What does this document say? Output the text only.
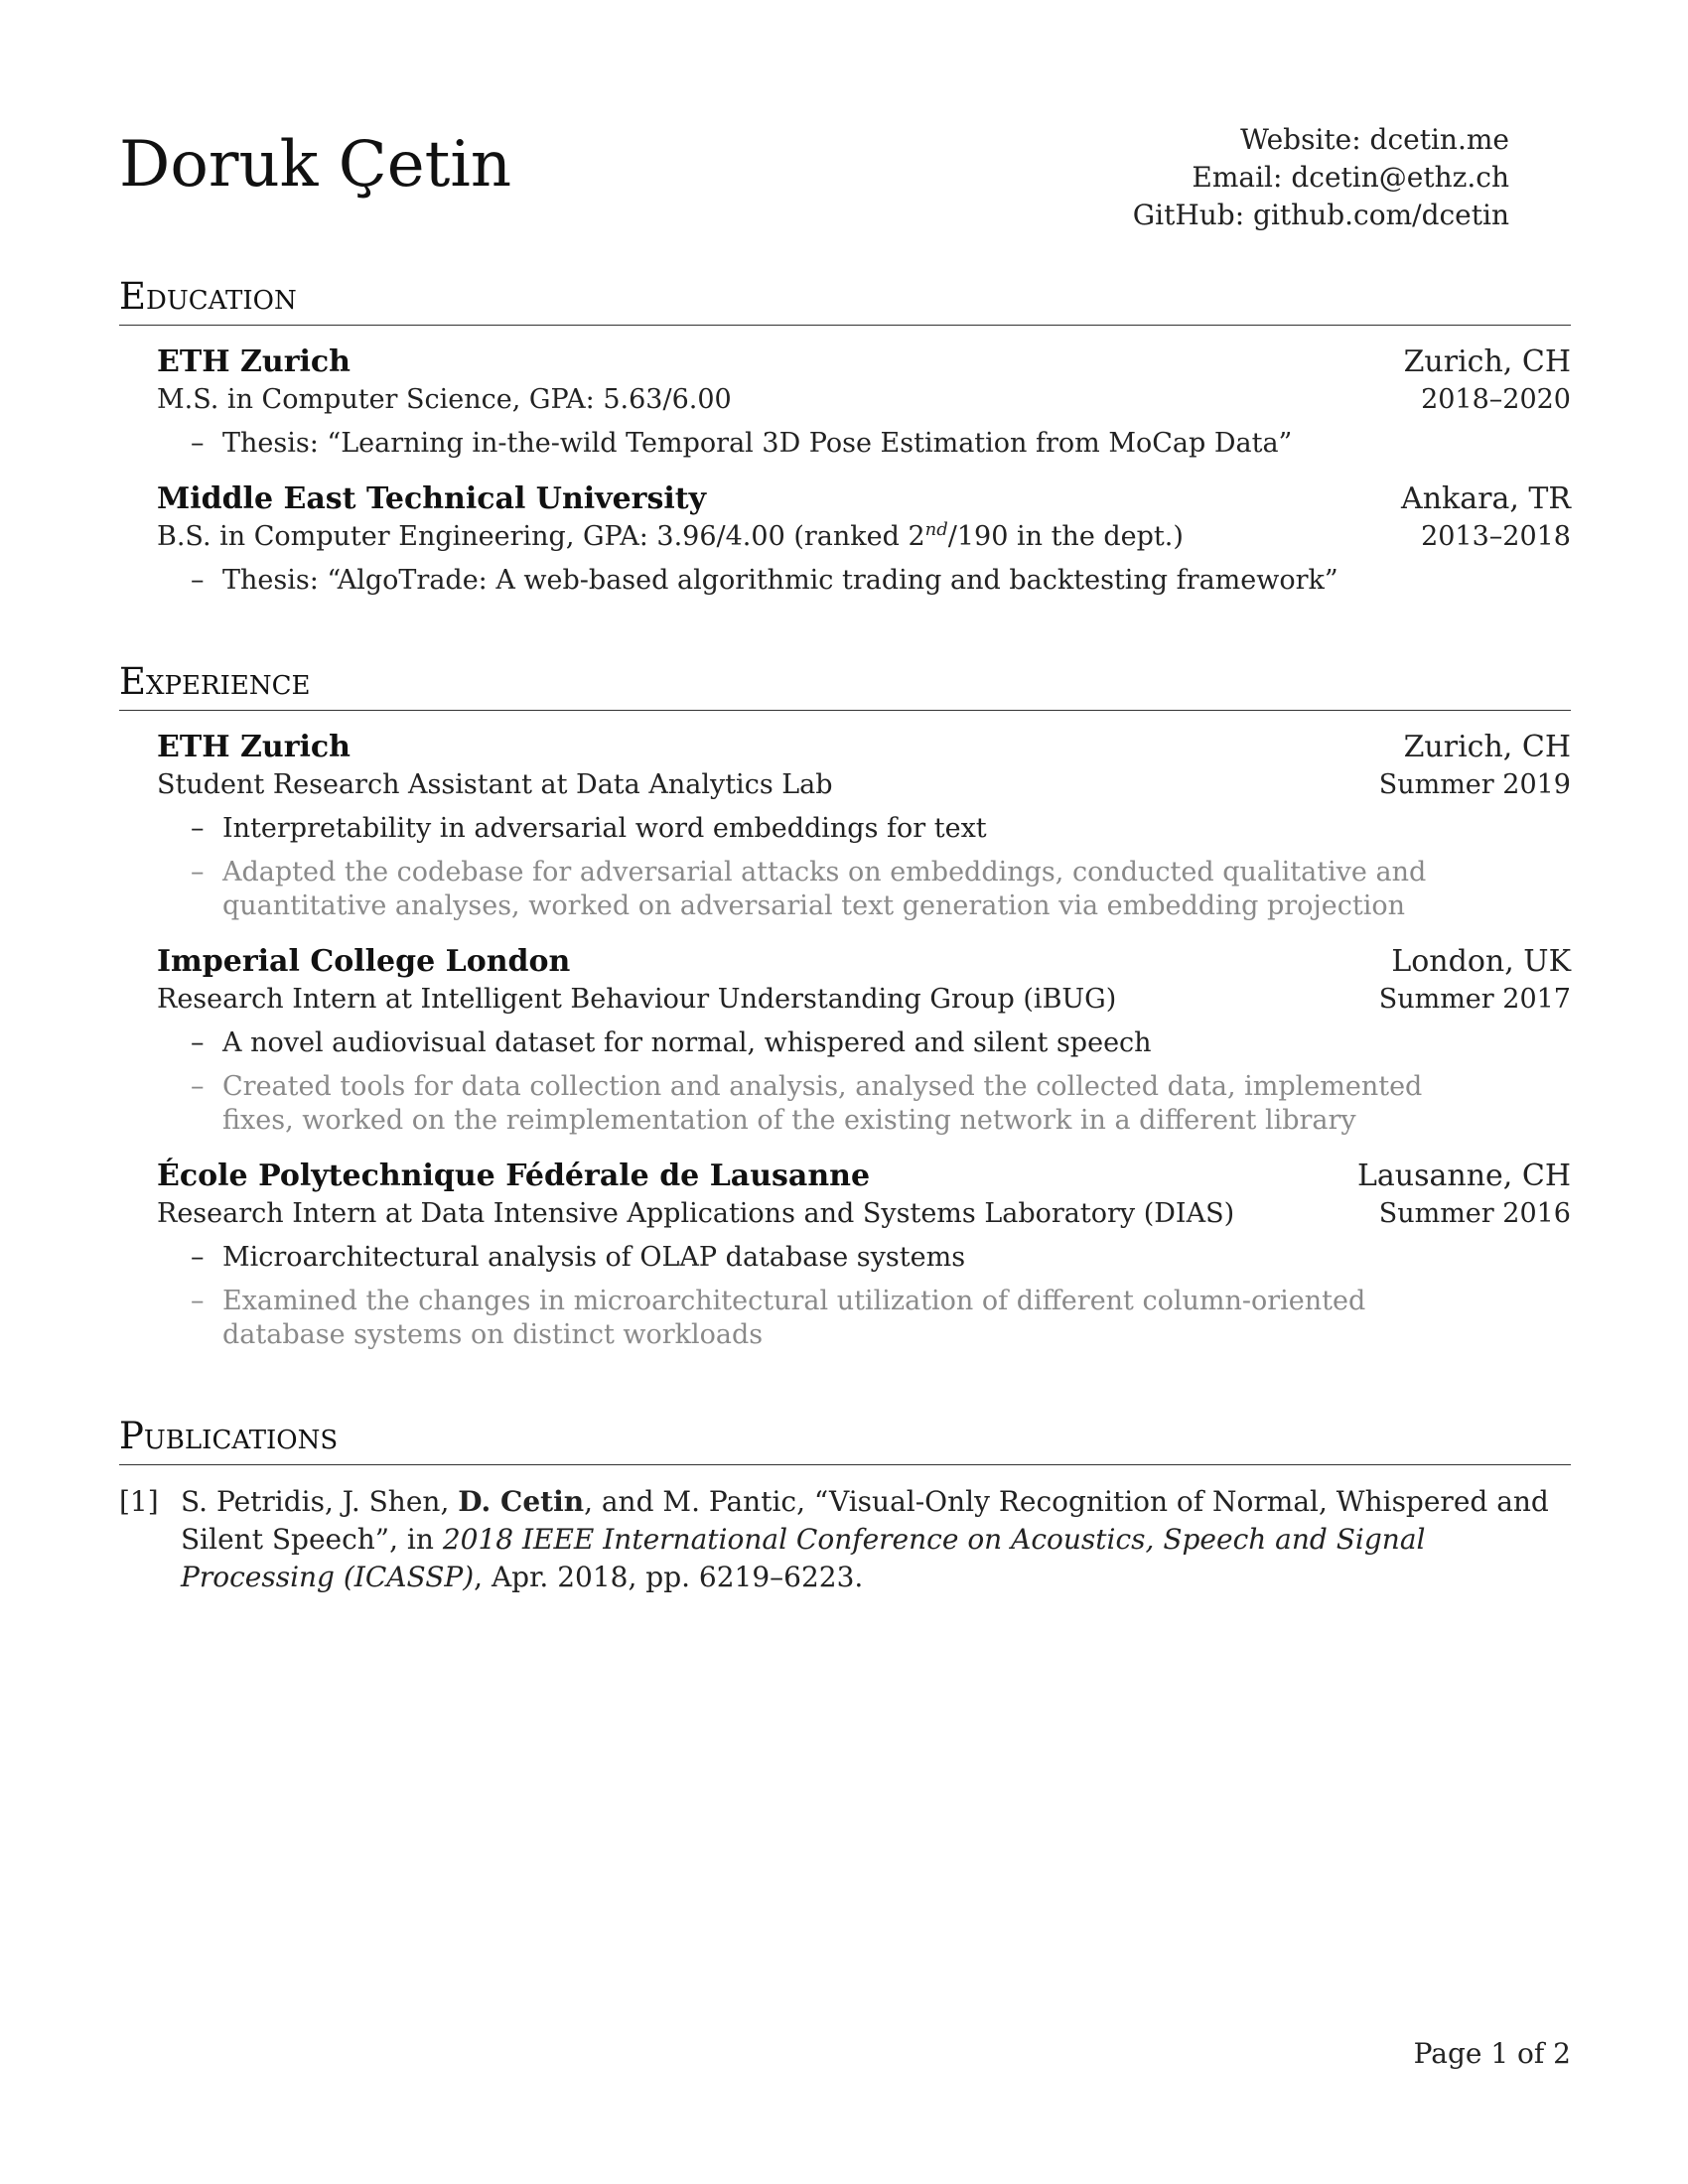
Doruk Çetin	Website: dcetin.me
Email: dcetin@ethz.ch
GitHub: github.com/dcetin
Education
ETH Zurich	Zurich, CH
M.S. in Computer Science, GPA: 5.63/6.00	2018–2020
– Thesis: “Learning in-the-wild Temporal 3D Pose Estimation from MoCap Data”
Middle East Technical University	Ankara, TR
B.S. in Computer Engineering, GPA: 3.96/4.00 (ranked 2nd/190 in the dept.)	2013–2018
– Thesis: “AlgoTrade: A web-based algorithmic trading and backtesting framework”
Experience
ETH Zurich	Zurich, CH
Student Research Assistant at Data Analytics Lab	Summer 2019
– Interpretability in adversarial word embeddings for text
– Adapted the codebase for adversarial attacks on embeddings, conducted qualitative and quantitative analyses, worked on adversarial text generation via embedding projection
Imperial College London	London, UK
Research Intern at Intelligent Behaviour Understanding Group (iBUG)	Summer 2017
– A novel audiovisual dataset for normal, whispered and silent speech
– Created tools for data collection and analysis, analysed the collected data, implemented fixes, worked on the reimplementation of the existing network in a different library
École Polytechnique Fédérale de Lausanne	Lausanne, CH
Research Intern at Data Intensive Applications and Systems Laboratory (DIAS)	Summer 2016
– Microarchitectural analysis of OLAP database systems
– Examined the changes in microarchitectural utilization of different column-oriented database systems on distinct workloads
Publications
[1] S. Petridis, J. Shen, D. Cetin, and M. Pantic, “Visual-Only Recognition of Normal, Whispered and Silent Speech”, in 2018 IEEE International Conference on Acoustics, Speech and Signal Processing (ICASSP), Apr. 2018, pp. 6219–6223.
Page 1 of 2
